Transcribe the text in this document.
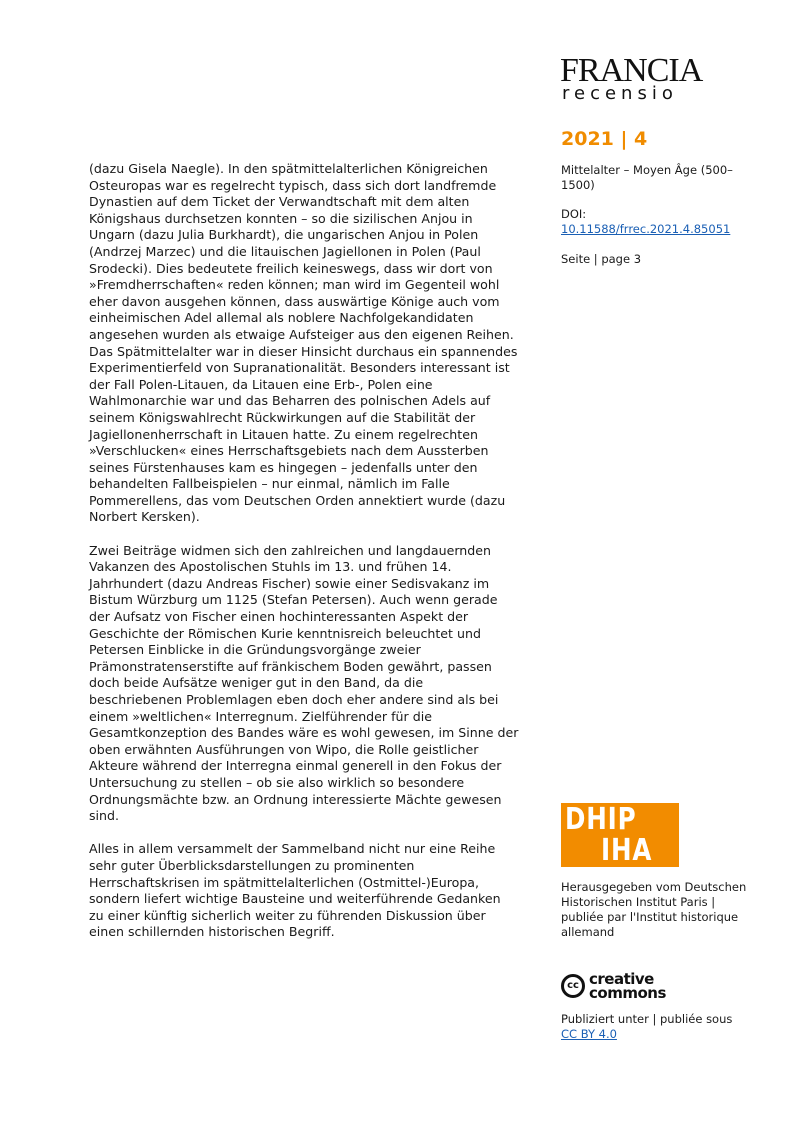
FRANCIA
recensio
2021 | 4
Mittelalter – Moyen Âge (500–1500)
DOI:
10.11588/frrec.2021.4.85051
Seite | page 3

(dazu Gisela Naegle). In den spätmittelalterlichen Königreichen Osteuropas war es regelrecht typisch, dass sich dort landfremde Dynastien auf dem Ticket der Verwandtschaft mit dem alten Königshaus durchsetzen konnten – so die sizilischen Anjou in Ungarn (dazu Julia Burkhardt), die ungarischen Anjou in Polen (Andrzej Marzec) und die litauischen Jagiellonen in Polen (Paul Srodecki). Dies bedeutete freilich keineswegs, dass wir dort von »Fremdherrschaften« reden können; man wird im Gegenteil wohl eher davon ausgehen können, dass auswärtige Könige auch vom einheimischen Adel allemal als noblere Nachfolgekandidaten angesehen wurden als etwaige Aufsteiger aus den eigenen Reihen. Das Spätmittelalter war in dieser Hinsicht durchaus ein spannendes Experimentierfeld von Supranationalität. Besonders interessant ist der Fall Polen-Litauen, da Litauen eine Erb-, Polen eine Wahlmonarchie war und das Beharren des polnischen Adels auf seinem Königswahlrecht Rückwirkungen auf die Stabilität der Jagiellonenherrschaft in Litauen hatte. Zu einem regelrechten »Verschlucken« eines Herrschaftsgebiets nach dem Aussterben seines Fürstenhauses kam es hingegen – jedenfalls unter den behandelten Fallbeispielen – nur einmal, nämlich im Falle Pommerellens, das vom Deutschen Orden annektiert wurde (dazu Norbert Kersken).

Zwei Beiträge widmen sich den zahlreichen und langdauernden Vakanzen des Apostolischen Stuhls im 13. und frühen 14. Jahrhundert (dazu Andreas Fischer) sowie einer Sedisvakanz im Bistum Würzburg um 1125 (Stefan Petersen). Auch wenn gerade der Aufsatz von Fischer einen hochinteressanten Aspekt der Geschichte der Römischen Kurie kenntnisreich beleuchtet und Petersen Einblicke in die Gründungsvorgänge zweier Prämonstratenserstifte auf fränkischem Boden gewährt, passen doch beide Aufsätze weniger gut in den Band, da die beschriebenen Problemlagen eben doch eher andere sind als bei einem »weltlichen« Interregnum. Zielführender für die Gesamtkonzeption des Bandes wäre es wohl gewesen, im Sinne der oben erwähnten Ausführungen von Wipo, die Rolle geistlicher Akteure während der Interregna einmal generell in den Fokus der Untersuchung zu stellen – ob sie also wirklich so besondere Ordnungsmächte bzw. an Ordnung interessierte Mächte gewesen sind.

Alles in allem versammelt der Sammelband nicht nur eine Reihe sehr guter Überblicksdarstellungen zu prominenten Herrschaftskrisen im spätmittelalterlichen (Ostmittel-)Europa, sondern liefert wichtige Bausteine und weiterführende Gedanken zu einer künftig sicherlich weiter zu führenden Diskussion über einen schillernden historischen Begriff.

DHIP
IHA
Herausgegeben vom Deutschen Historischen Institut Paris | publiée par l'Institut historique allemand
cc creative
commons
Publiziert unter | publiée sous
CC BY 4.0
